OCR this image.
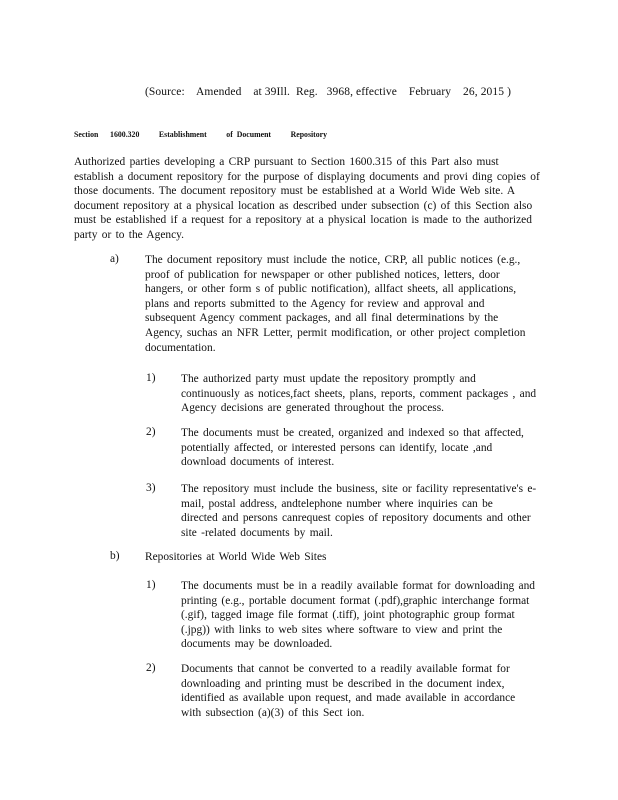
(Source:    Amended    at 39Ill.  Reg.   3968, effective    February    26, 2015 )
Section      1600.320          Establishment          of  Document          Repository
Authorized parties developing a CRP pursuant to Section 1600.315 of this Part also must
establish a document repository for the purpose of displaying documents and provi ding copies of
those documents. The document repository must be established at a World Wide Web site. A
document repository at a physical location as described under subsection (c) of this Section also
must be established if a request for a repository at a physical location is made to the authorized
party or to the Agency.
a) The document repository must include the notice, CRP, all public notices (e.g.,
proof of publication for newspaper or other published notices, letters, door
hangers, or other form s of public notification), allfact sheets, all applications,
plans and reports submitted to the Agency for review and approval and
subsequent Agency comment packages, and all final determinations by the
Agency, suchas an NFR Letter, permit modification, or other project completion
documentation.
1) The authorized party must update the repository promptly and
continuously as notices,fact sheets, plans, reports, comment packages , and
Agency decisions are generated throughout the process.
2) The documents must be created, organized and indexed so that affected,
potentially affected, or interested persons can identify, locate ,and
download documents of interest.
3) The repository must include the business, site or facility representative's e-
mail, postal address, andtelephone number where inquiries can be
directed and persons canrequest copies of repository documents and other
site -related documents by mail.
b) Repositories at World Wide Web Sites
1) The documents must be in a readily available format for downloading and
printing (e.g., portable document format (.pdf),graphic interchange format
(.gif), tagged image file format (.tiff), joint photographic group format
(.jpg)) with links to web sites where software to view and print the
documents may be downloaded.
2) Documents that cannot be converted to a readily available format for
downloading and printing must be described in the document index,
identified as available upon request, and made available in accordance
with subsection (a)(3) of this Sect ion.
